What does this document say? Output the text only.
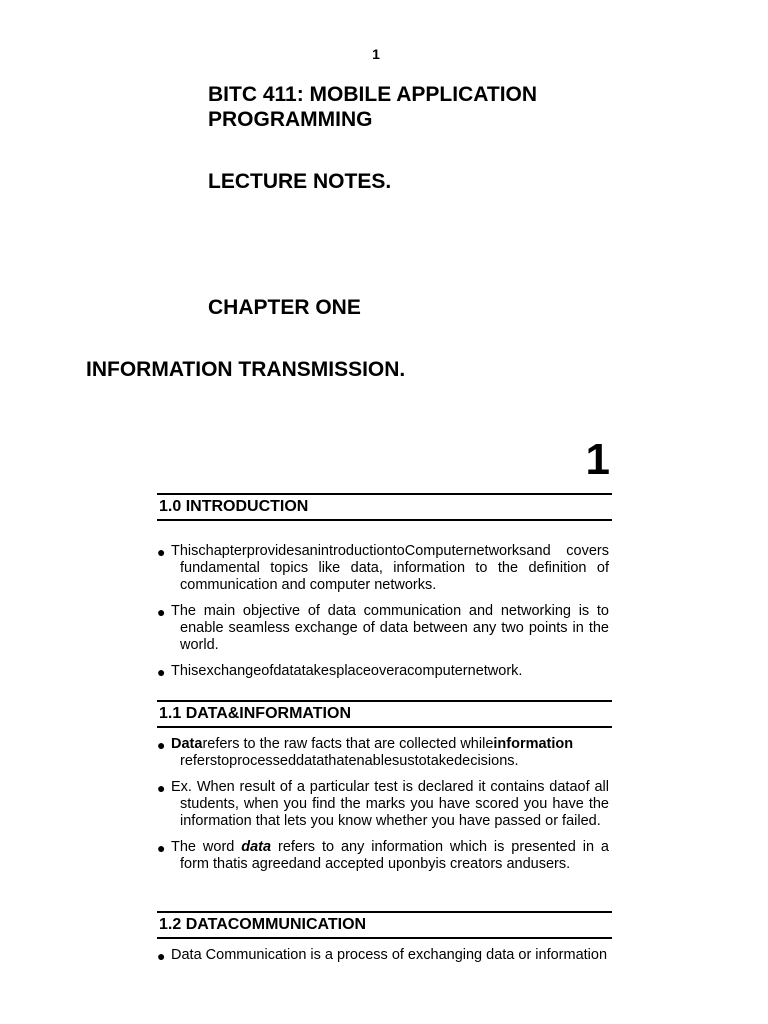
1
BITC 411: MOBILE APPLICATION PROGRAMMING
LECTURE NOTES.
CHAPTER ONE
INFORMATION TRANSMISSION.
1
1.0 INTRODUCTION
● ThischapterprovidesanintroductiontoComputernetworksand covers fundamental topics like data, information to the definition of communication and computer networks.
● The main objective of data communication and networking is to enable seamless exchange of data between any two points in the world.
● Thisexchangeofdatatakesplaceoveracomputernetwork.
1.1 DATA&INFORMATION
● Datarefers to the raw facts that are collected whileinformation referstoprocesseddatathatenablesustotakedecisions.
● Ex. When result of a particular test is declared it contains dataof all students, when you find the marks you have scored you have the information that lets you know whether you have passed or failed.
● The word data refers to any information which is presented in a form thatis agreedand accepted uponbyis creators andusers.
1.2 DATACOMMUNICATION
● Data Communication is a process of exchanging data or information
